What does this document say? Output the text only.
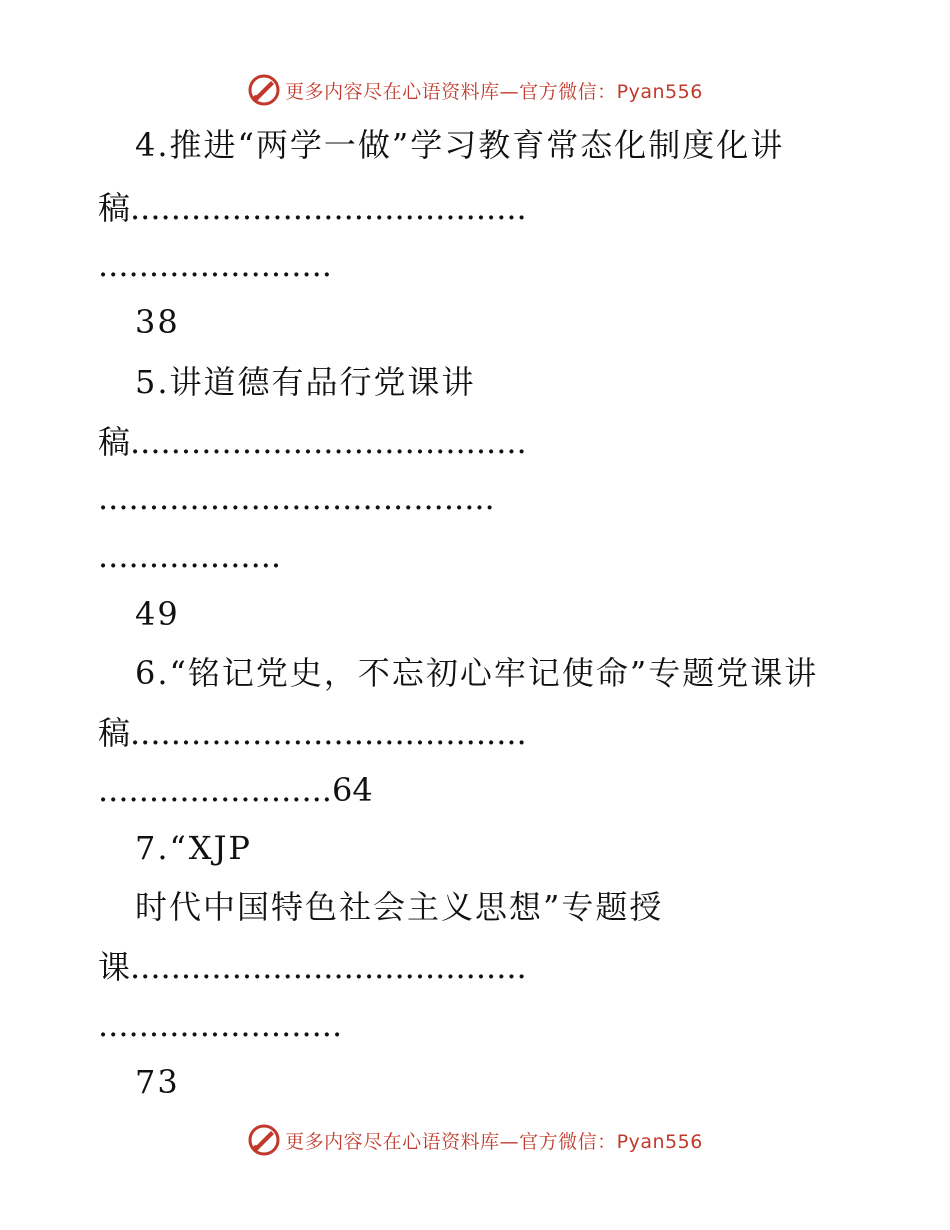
更多内容尽在心语资料库—官方微信：Pyan556
4.推进“两学一做”学习教育常态化制度化讲
稿.......................................
.......................
38
5.讲道德有品行党课讲
稿.......................................
.......................................
..................
49
6.“铭记党史，不忘初心牢记使命”专题党课讲
稿.......................................
.......................64
7.“XJP
时代中国特色社会主义思想”专题授
课.......................................
........................
73
更多内容尽在心语资料库—官方微信：Pyan556
